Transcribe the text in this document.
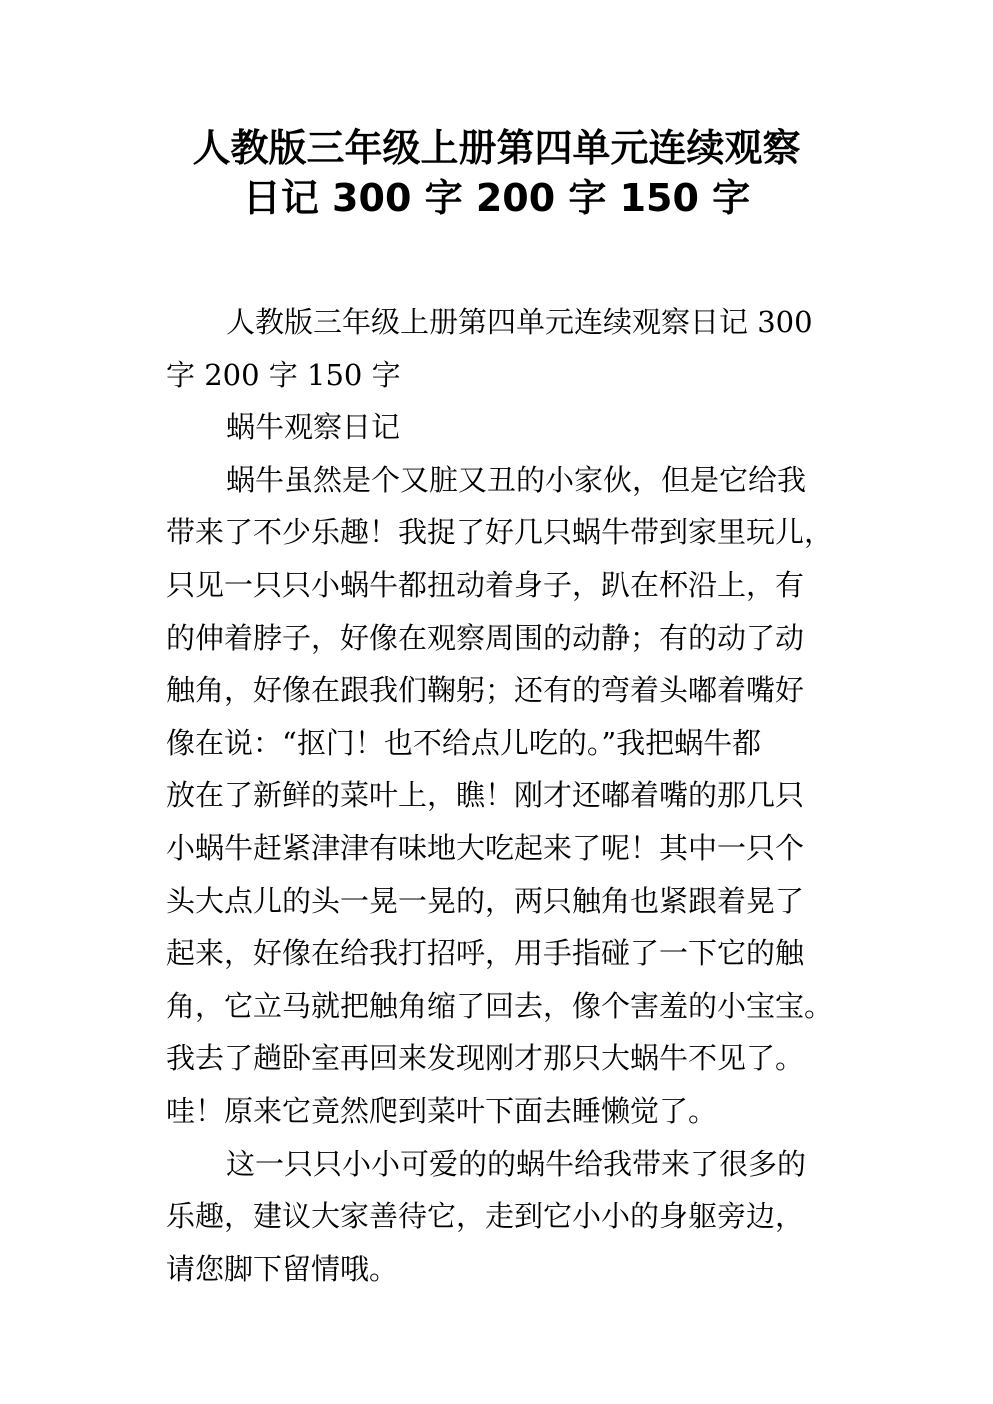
人教版三年级上册第四单元连续观察
日记 300 字 200 字 150 字
人教版三年级上册第四单元连续观察日记 300
字 200 字 150 字
蜗牛观察日记
蜗牛虽然是个又脏又丑的小家伙，但是它给我
带来了不少乐趣！我捉了好几只蜗牛带到家里玩儿，
只见一只只小蜗牛都扭动着身子，趴在杯沿上，有
的伸着脖子，好像在观察周围的动静；有的动了动
触角，好像在跟我们鞠躬；还有的弯着头嘟着嘴好
像在说：“抠门！也不给点儿吃的。”我把蜗牛都
放在了新鲜的菜叶上，瞧！刚才还嘟着嘴的那几只
小蜗牛赶紧津津有味地大吃起来了呢！其中一只个
头大点儿的头一晃一晃的，两只触角也紧跟着晃了
起来，好像在给我打招呼，用手指碰了一下它的触
角，它立马就把触角缩了回去，像个害羞的小宝宝。
我去了趟卧室再回来发现刚才那只大蜗牛不见了。
哇！原来它竟然爬到菜叶下面去睡懒觉了。
这一只只小小可爱的的蜗牛给我带来了很多的
乐趣，建议大家善待它，走到它小小的身躯旁边，
请您脚下留情哦。
